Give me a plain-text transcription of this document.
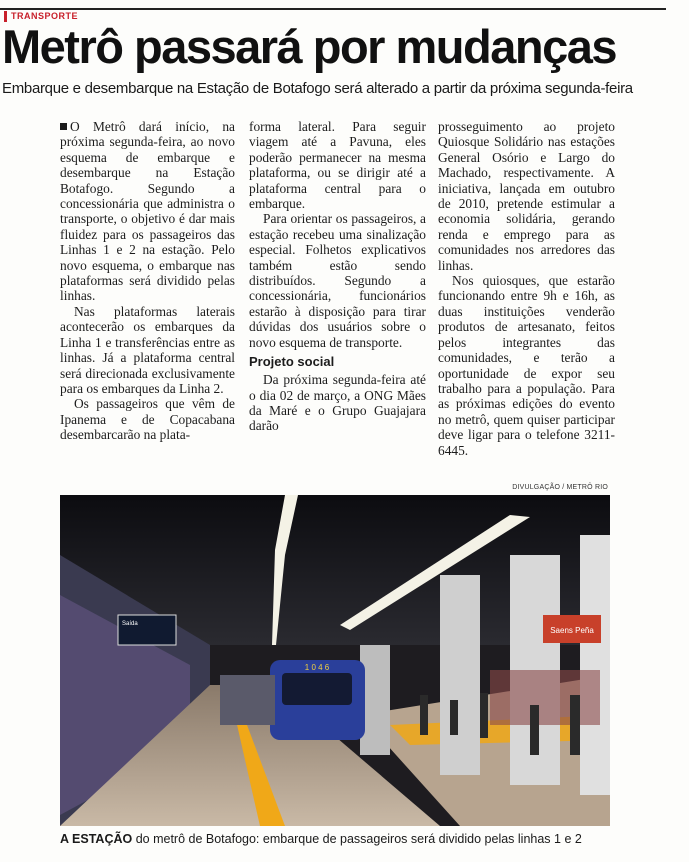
TRANSPORTE
Metrô passará por mudanças

Embarque e desembarque na Estação de Botafogo será alterado a partir da próxima segunda-feira

O Metrô dará início, na próxima segunda-feira, ao novo esquema de embarque e desembarque na Estação Botafogo. Segundo a concessionária que administra o transporte, o objetivo é dar mais fluidez para os passageiros das Linhas 1 e 2 na estação. Pelo novo esquema, o embarque nas plataformas será dividido pelas linhas.

Nas plataformas laterais acontecerão os embarques da Linha 1 e transferências entre as linhas. Já a plataforma central será direcionada exclusivamente para os embarques da Linha 2.

Os passageiros que vêm de Ipanema e de Copacabana desembarcarão na plata-

forma lateral. Para seguir viagem até a Pavuna, eles poderão permanecer na mesma plataforma, ou se dirigir até a plataforma central para o embarque.

Para orientar os passageiros, a estação recebeu uma sinalização especial. Folhetos explicativos também estão sendo distribuídos. Segundo a concessionária, funcionários estarão à disposição para tirar dúvidas dos usuários sobre o novo esquema de transporte.

Projeto social

Da próxima segunda-feira até o dia 02 de março, a ONG Mães da Maré e o Grupo Guajajara darão

prosseguimento ao projeto Quiosque Solidário nas estações General Osório e Largo do Machado, respectivamente. A iniciativa, lançada em outubro de 2010, pretende estimular a economia solidária, gerando renda e emprego para as comunidades nos arredores das linhas.

Nos quiosques, que estarão funcionando entre 9h e 16h, as duas instituições venderão produtos de artesanato, feitos pelos integrantes das comunidades, e terão a oportunidade de expor seu trabalho para a população. Para as próximas edições do evento no metrô, quem quiser participar deve ligar para o telefone 3211-6445.

DIVULGAÇÃO / METRÔ RIO
1 0 4 6
Saída
Saens Peña
A ESTAÇÃO do metrô de Botafogo: embarque de passageiros será dividido pelas linhas 1 e 2
